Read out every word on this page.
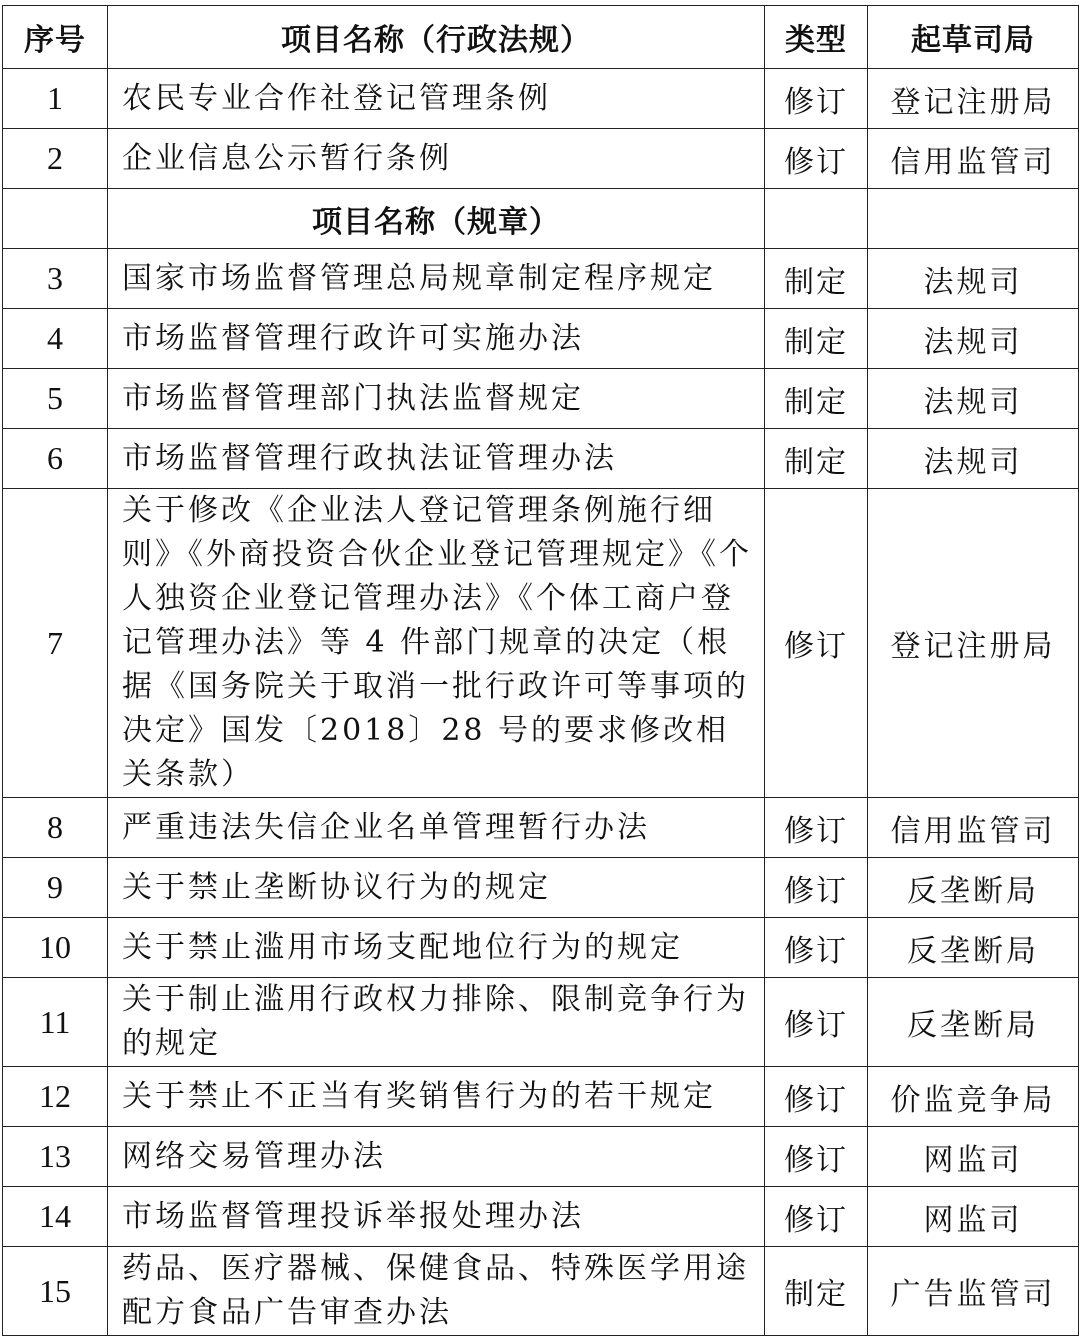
序号	项目名称（行政法规）	类型	起草司局
1	农民专业合作社登记管理条例	修订	登记注册局
2	企业信息公示暂行条例	修订	信用监管司
	项目名称（规章）		
3	国家市场监督管理总局规章制定程序规定	制定	法规司
4	市场监督管理行政许可实施办法	制定	法规司
5	市场监督管理部门执法监督规定	制定	法规司
6	市场监督管理行政执法证管理办法	制定	法规司
7	关于修改《企业法人登记管理条例施行细则》《外商投资合伙企业登记管理规定》《个人独资企业登记管理办法》《个体工商户登记管理办法》等 4 件部门规章的决定（根据《国务院关于取消一批行政许可等事项的决定》国发〔2018〕28 号的要求修改相关条款）	修订	登记注册局
8	严重违法失信企业名单管理暂行办法	修订	信用监管司
9	关于禁止垄断协议行为的规定	修订	反垄断局
10	关于禁止滥用市场支配地位行为的规定	修订	反垄断局
11	关于制止滥用行政权力排除、限制竞争行为的规定	修订	反垄断局
12	关于禁止不正当有奖销售行为的若干规定	修订	价监竞争局
13	网络交易管理办法	修订	网监司
14	市场监督管理投诉举报处理办法	修订	网监司
15	药品、医疗器械、保健食品、特殊医学用途配方食品广告审查办法	制定	广告监管司
